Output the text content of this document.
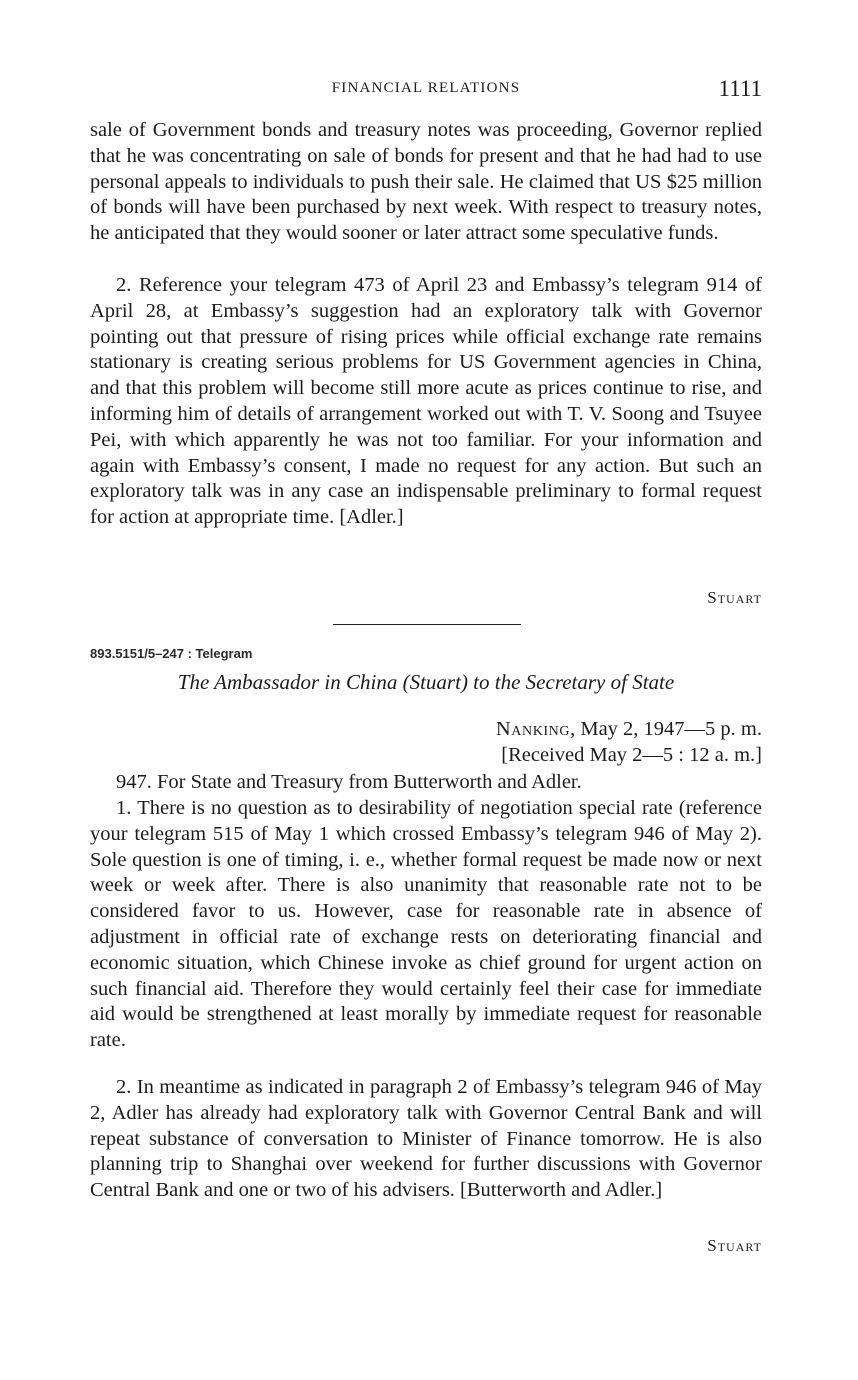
FINANCIAL RELATIONS	1111

sale of Government bonds and treasury notes was proceeding, Governor replied that he was concentrating on sale of bonds for present and that he had had to use personal appeals to individuals to push their sale. He claimed that US $25 million of bonds will have been purchased by next week. With respect to treasury notes, he anticipated that they would sooner or later attract some speculative funds.

2. Reference your telegram 473 of April 23 and Embassy’s telegram 914 of April 28, at Embassy’s suggestion had an exploratory talk with Governor pointing out that pressure of rising prices while official exchange rate remains stationary is creating serious problems for US Government agencies in China, and that this problem will become still more acute as prices continue to rise, and informing him of details of arrangement worked out with T. V. Soong and Tsuyee Pei, with which apparently he was not too familiar. For your information and again with Embassy’s consent, I made no request for any action. But such an exploratory talk was in any case an indispensable preliminary to formal request for action at appropriate time. [Adler.]

Stuart
893.5151/5–247 : Telegram
The Ambassador in China (Stuart) to the Secretary of State
Nanking, May 2, 1947—5 p. m.
[Received May 2—5 : 12 a. m.]

947. For State and Treasury from Butterworth and Adler.

1. There is no question as to desirability of negotiation special rate (reference your telegram 515 of May 1 which crossed Embassy’s telegram 946 of May 2). Sole question is one of timing, i. e., whether formal request be made now or next week or week after. There is also unanimity that reasonable rate not to be considered favor to us. However, case for reasonable rate in absence of adjustment in official rate of exchange rests on deteriorating financial and economic situation, which Chinese invoke as chief ground for urgent action on such financial aid. Therefore they would certainly feel their case for immediate aid would be strengthened at least morally by immediate request for reasonable rate.

2. In meantime as indicated in paragraph 2 of Embassy’s telegram 946 of May 2, Adler has already had exploratory talk with Governor Central Bank and will repeat substance of conversation to Minister of Finance tomorrow. He is also planning trip to Shanghai over weekend for further discussions with Governor Central Bank and one or two of his advisers. [Butterworth and Adler.]

Stuart
